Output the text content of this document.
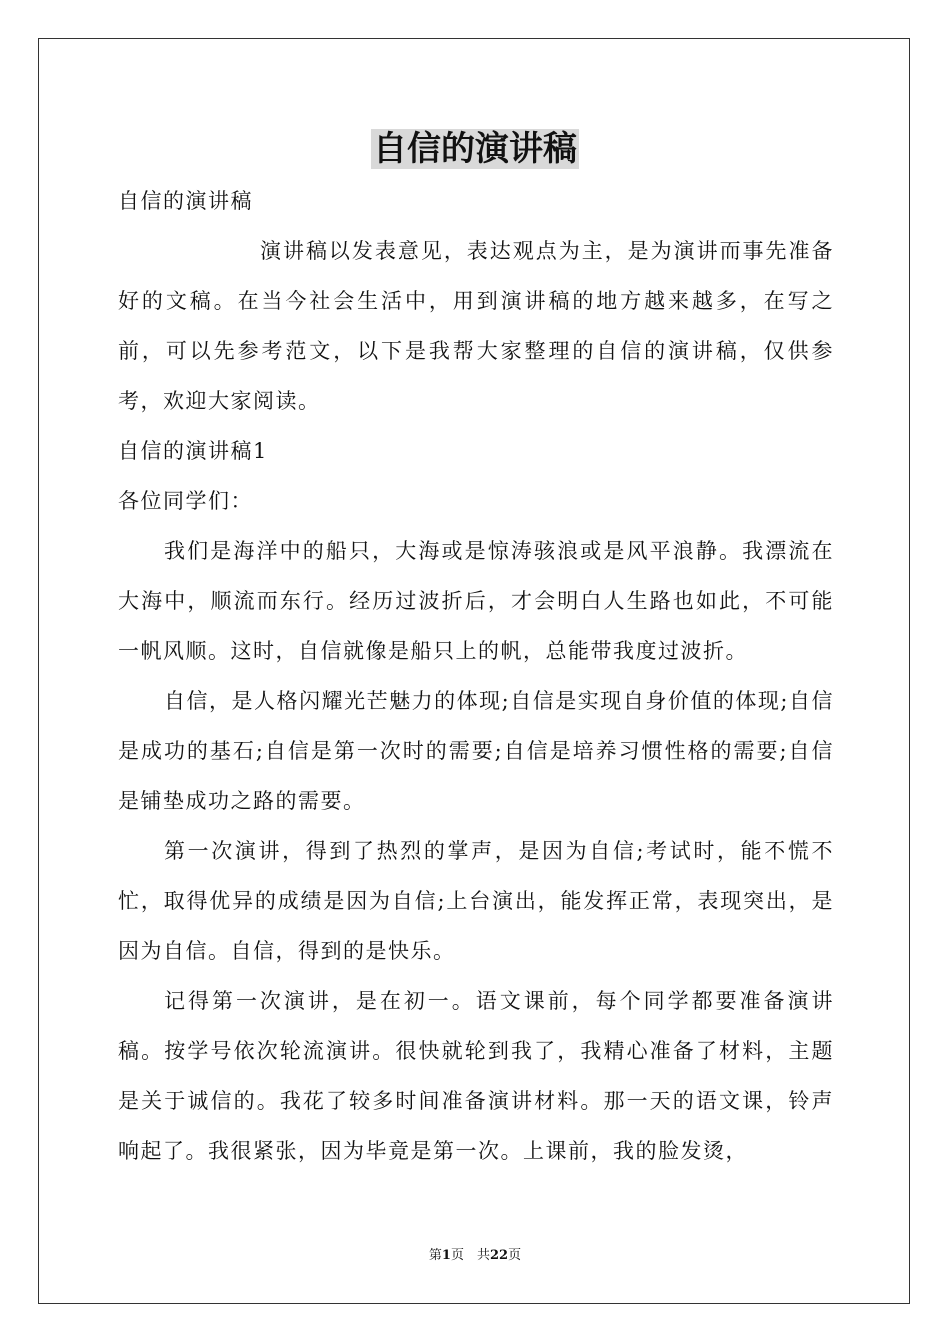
自信的演讲稿

自信的演讲稿

演讲稿以发表意见，表达观点为主，是为演讲而事先准备好的文稿。在当今社会生活中，用到演讲稿的地方越来越多，在写之前，可以先参考范文，以下是我帮大家整理的自信的演讲稿，仅供参考，欢迎大家阅读。

自信的演讲稿1

各位同学们：

我们是海洋中的船只，大海或是惊涛骇浪或是风平浪静。我漂流在大海中，顺流而东行。经历过波折后，才会明白人生路也如此，不可能一帆风顺。这时，自信就像是船只上的帆，总能带我度过波折。

自信，是人格闪耀光芒魅力的体现;自信是实现自身价值的体现;自信是成功的基石;自信是第一次时的需要;自信是培养习惯性格的需要;自信是铺垫成功之路的需要。

第一次演讲，得到了热烈的掌声，是因为自信;考试时，能不慌不忙，取得优异的成绩是因为自信;上台演出，能发挥正常，表现突出，是因为自信。自信，得到的是快乐。

记得第一次演讲，是在初一。语文课前，每个同学都要准备演讲稿。按学号依次轮流演讲。很快就轮到我了，我精心准备了材料，主题是关于诚信的。我花了较多时间准备演讲材料。那一天的语文课，铃声响起了。我很紧张，因为毕竟是第一次。上课前，我的脸发烫，

第1页　共22页
